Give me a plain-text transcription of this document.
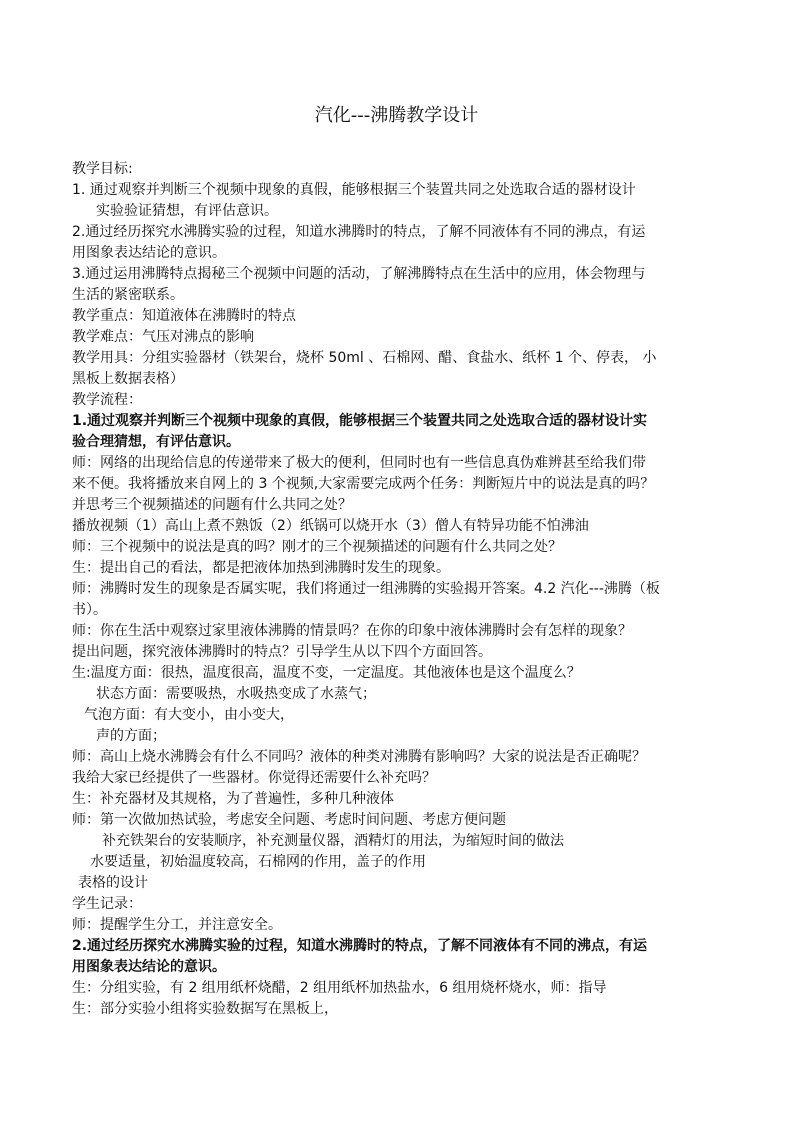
汽化---沸腾教学设计
教学目标:
1. 通过观察并判断三个视频中现象的真假，能够根据三个装置共同之处选取合适的器材设计
实验验证猜想，有评估意识。
2.通过经历探究水沸腾实验的过程，知道水沸腾时的特点，了解不同液体有不同的沸点，有运
用图象表达结论的意识。
3.通过运用沸腾特点揭秘三个视频中问题的活动，了解沸腾特点在生活中的应用，体会物理与
生活的紧密联系。
教学重点：知道液体在沸腾时的特点
教学难点：气压对沸点的影响
教学用具：分组实验器材（铁架台，烧杯 50ml 、石棉网、醋、食盐水、纸杯 1 个、停表， 小
黑板上数据表格）
教学流程：
1.通过观察并判断三个视频中现象的真假，能够根据三个装置共同之处选取合适的器材设计实
验合理猜想，有评估意识。
师：网络的出现给信息的传递带来了极大的便利，但同时也有一些信息真伪难辨甚至给我们带
来不便。我将播放来自网上的 3 个视频,大家需要完成两个任务：判断短片中的说法是真的吗？
并思考三个视频描述的问题有什么共同之处？
播放视频（1）高山上煮不熟饭（2）纸锅可以烧开水（3）僧人有特异功能不怕沸油
师：三个视频中的说法是真的吗？刚才的三个视频描述的问题有什么共同之处？
生：提出自己的看法，都是把液体加热到沸腾时发生的现象。
师：沸腾时发生的现象是否属实呢，我们将通过一组沸腾的实验揭开答案。4.2 汽化---沸腾（板
书）。
师：你在生活中观察过家里液体沸腾的情景吗？在你的印象中液体沸腾时会有怎样的现象？
提出问题，探究液体沸腾时的特点？引导学生从以下四个方面回答。
生:温度方面：很热，温度很高，温度不变，一定温度。其他液体也是这个温度么？
状态方面：需要吸热，水吸热变成了水蒸气；
气泡方面：有大变小，由小变大，
声的方面；
师：高山上烧水沸腾会有什么不同吗？液体的种类对沸腾有影响吗？大家的说法是否正确呢？
我给大家已经提供了一些器材。你觉得还需要什么补充吗？
生：补充器材及其规格，为了普遍性，多种几种液体
师：第一次做加热试验，考虑安全问题、考虑时间问题、考虑方便问题
补充铁架台的安装顺序，补充测量仪器，酒精灯的用法，为缩短时间的做法
水要适量，初始温度较高，石棉网的作用，盖子的作用
表格的设计
学生记录：
师：提醒学生分工，并注意安全。
2.通过经历探究水沸腾实验的过程，知道水沸腾时的特点，了解不同液体有不同的沸点，有运
用图象表达结论的意识。
生：分组实验，有 2 组用纸杯烧醋，2 组用纸杯加热盐水，6 组用烧杯烧水，师：指导
生：部分实验小组将实验数据写在黑板上，
